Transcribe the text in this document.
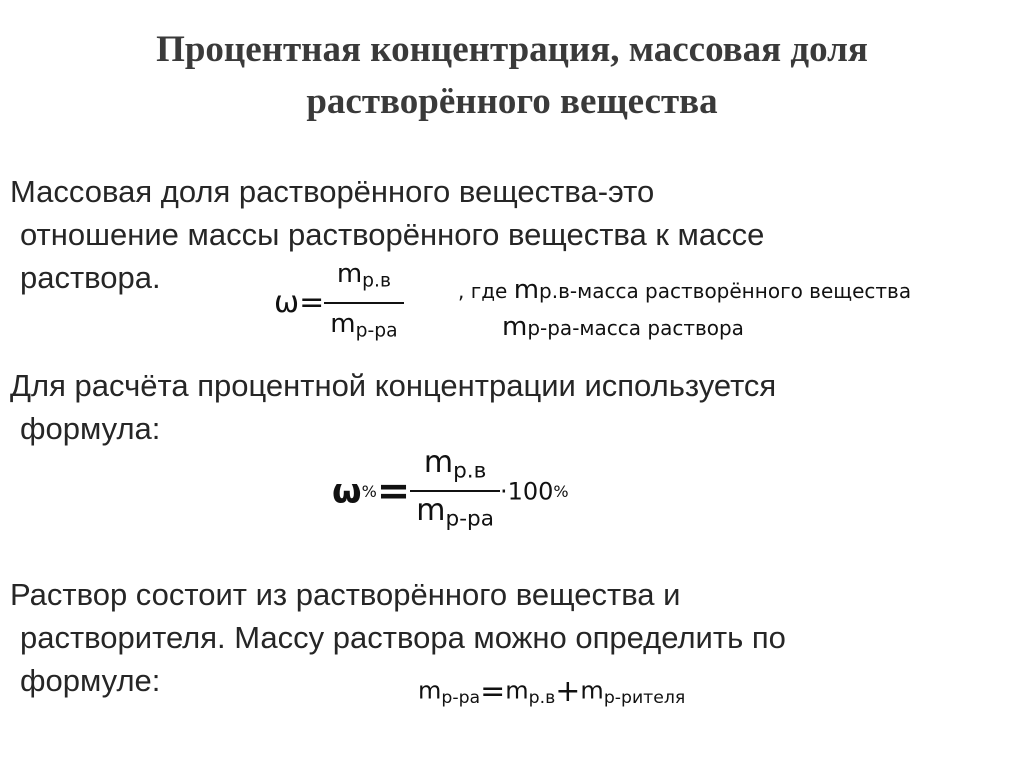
Процентная концентрация, массовая доля
растворённого вещества
Массовая доля растворённого вещества-это
отношение массы растворённого вещества к массе
раствора.
$\omega= \frac{m_{р.в}}{m_{р-ра}}$	, где mр.в-масса растворённого вещества
mр-ра-масса раствора
Для расчёта процентной концентрации используется
формула:
$\omega\%= \frac{m_{р.в}}{m_{р-ра}} \cdot 100\%$
Раствор состоит из растворённого вещества и
растворителя. Массу раствора можно определить по
формуле:	$m_{р-ра}=m_{р.в}+m_{р-рителя}$
